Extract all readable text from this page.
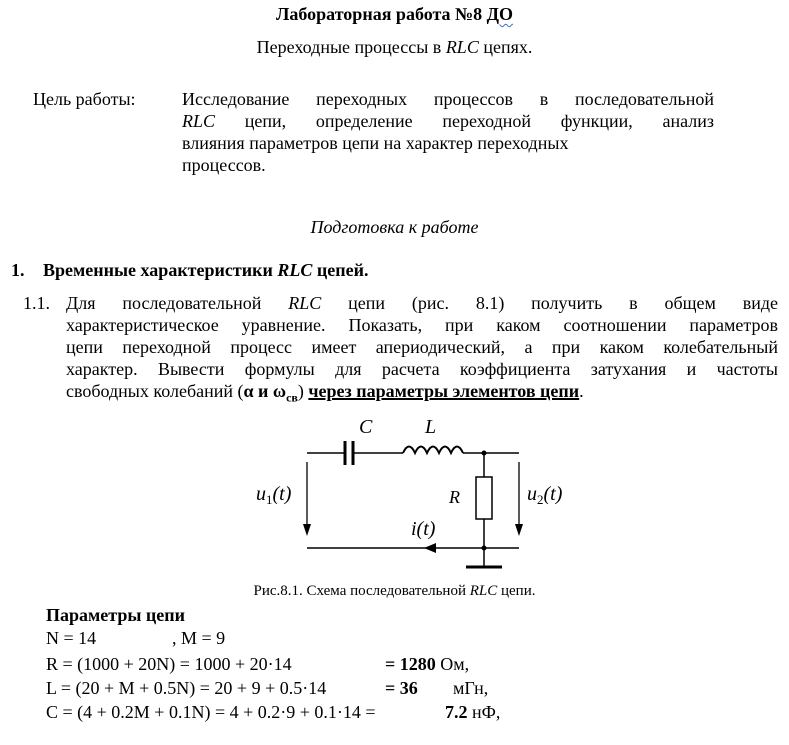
Лабораторная работа №8 ДО
Переходные процессы в RLC цепях.
Цель работы:	Исследование переходных процессов в последовательной
RLC цепи, определение переходной функции, анализ
влияния параметров цепи на характер переходных
процессов.
Подготовка к работе
1. Временные характеристики RLC цепей.
1.1. Для последовательной RLC цепи (рис. 8.1) получить в общем виде
характеристическое уравнение. Показать, при каком соотношении параметров
цепи переходной процесс имеет апериодический, а при каком колебательный
характер. Вывести формулы для расчета коэффициента затухания и частоты
свободных колебаний (α и $\omega_{св}$) через параметры элементов цепи.
C	L
R
$u_1(t)$	$u_2(t)$
i(t)
Рис.8.1. Схема последовательной RLC цепи.
Параметры цепи
N = 14	, M = 9
R = (1000 + 20N) = 1000 + 20·14	= 1280 Ом,
L = (20 + M + 0.5N) = 20 + 9 + 0.5·14	= 36 мГн,
C = (4 + 0.2M + 0.1N) = 4 + 0.2·9 + 0.1·14 =	7.2 нФ,
